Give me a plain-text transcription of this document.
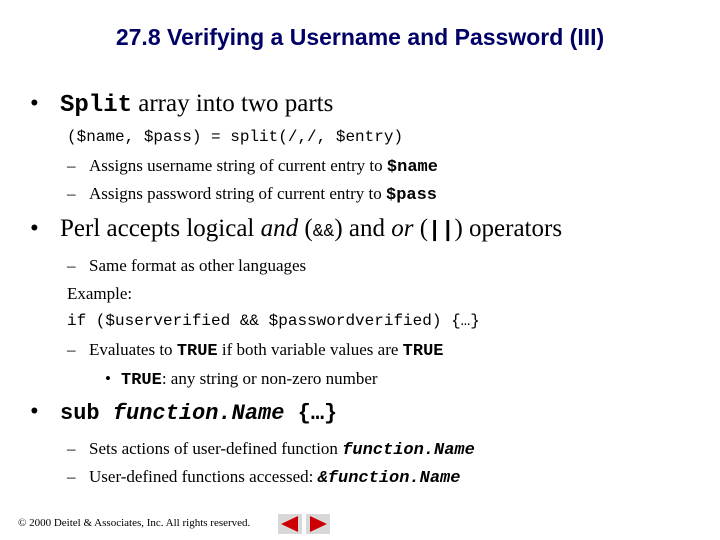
27.8 Verifying a Username and Password (III)
• Split array into two parts
($name, $pass) = split(/,/, $entry)
– Assigns username string of current entry to $name
– Assigns password string of current entry to $pass
• Perl accepts logical and (&&) and or (||) operators
– Same format as other languages
Example:
if ($userverified && $passwordverified) {…}
– Evaluates to TRUE if both variable values are TRUE
• TRUE: any string or non-zero number
• sub function.Name {…}
– Sets actions of user-defined function function.Name
– User-defined functions accessed: &function.Name
© 2000 Deitel & Associates, Inc. All rights reserved.
